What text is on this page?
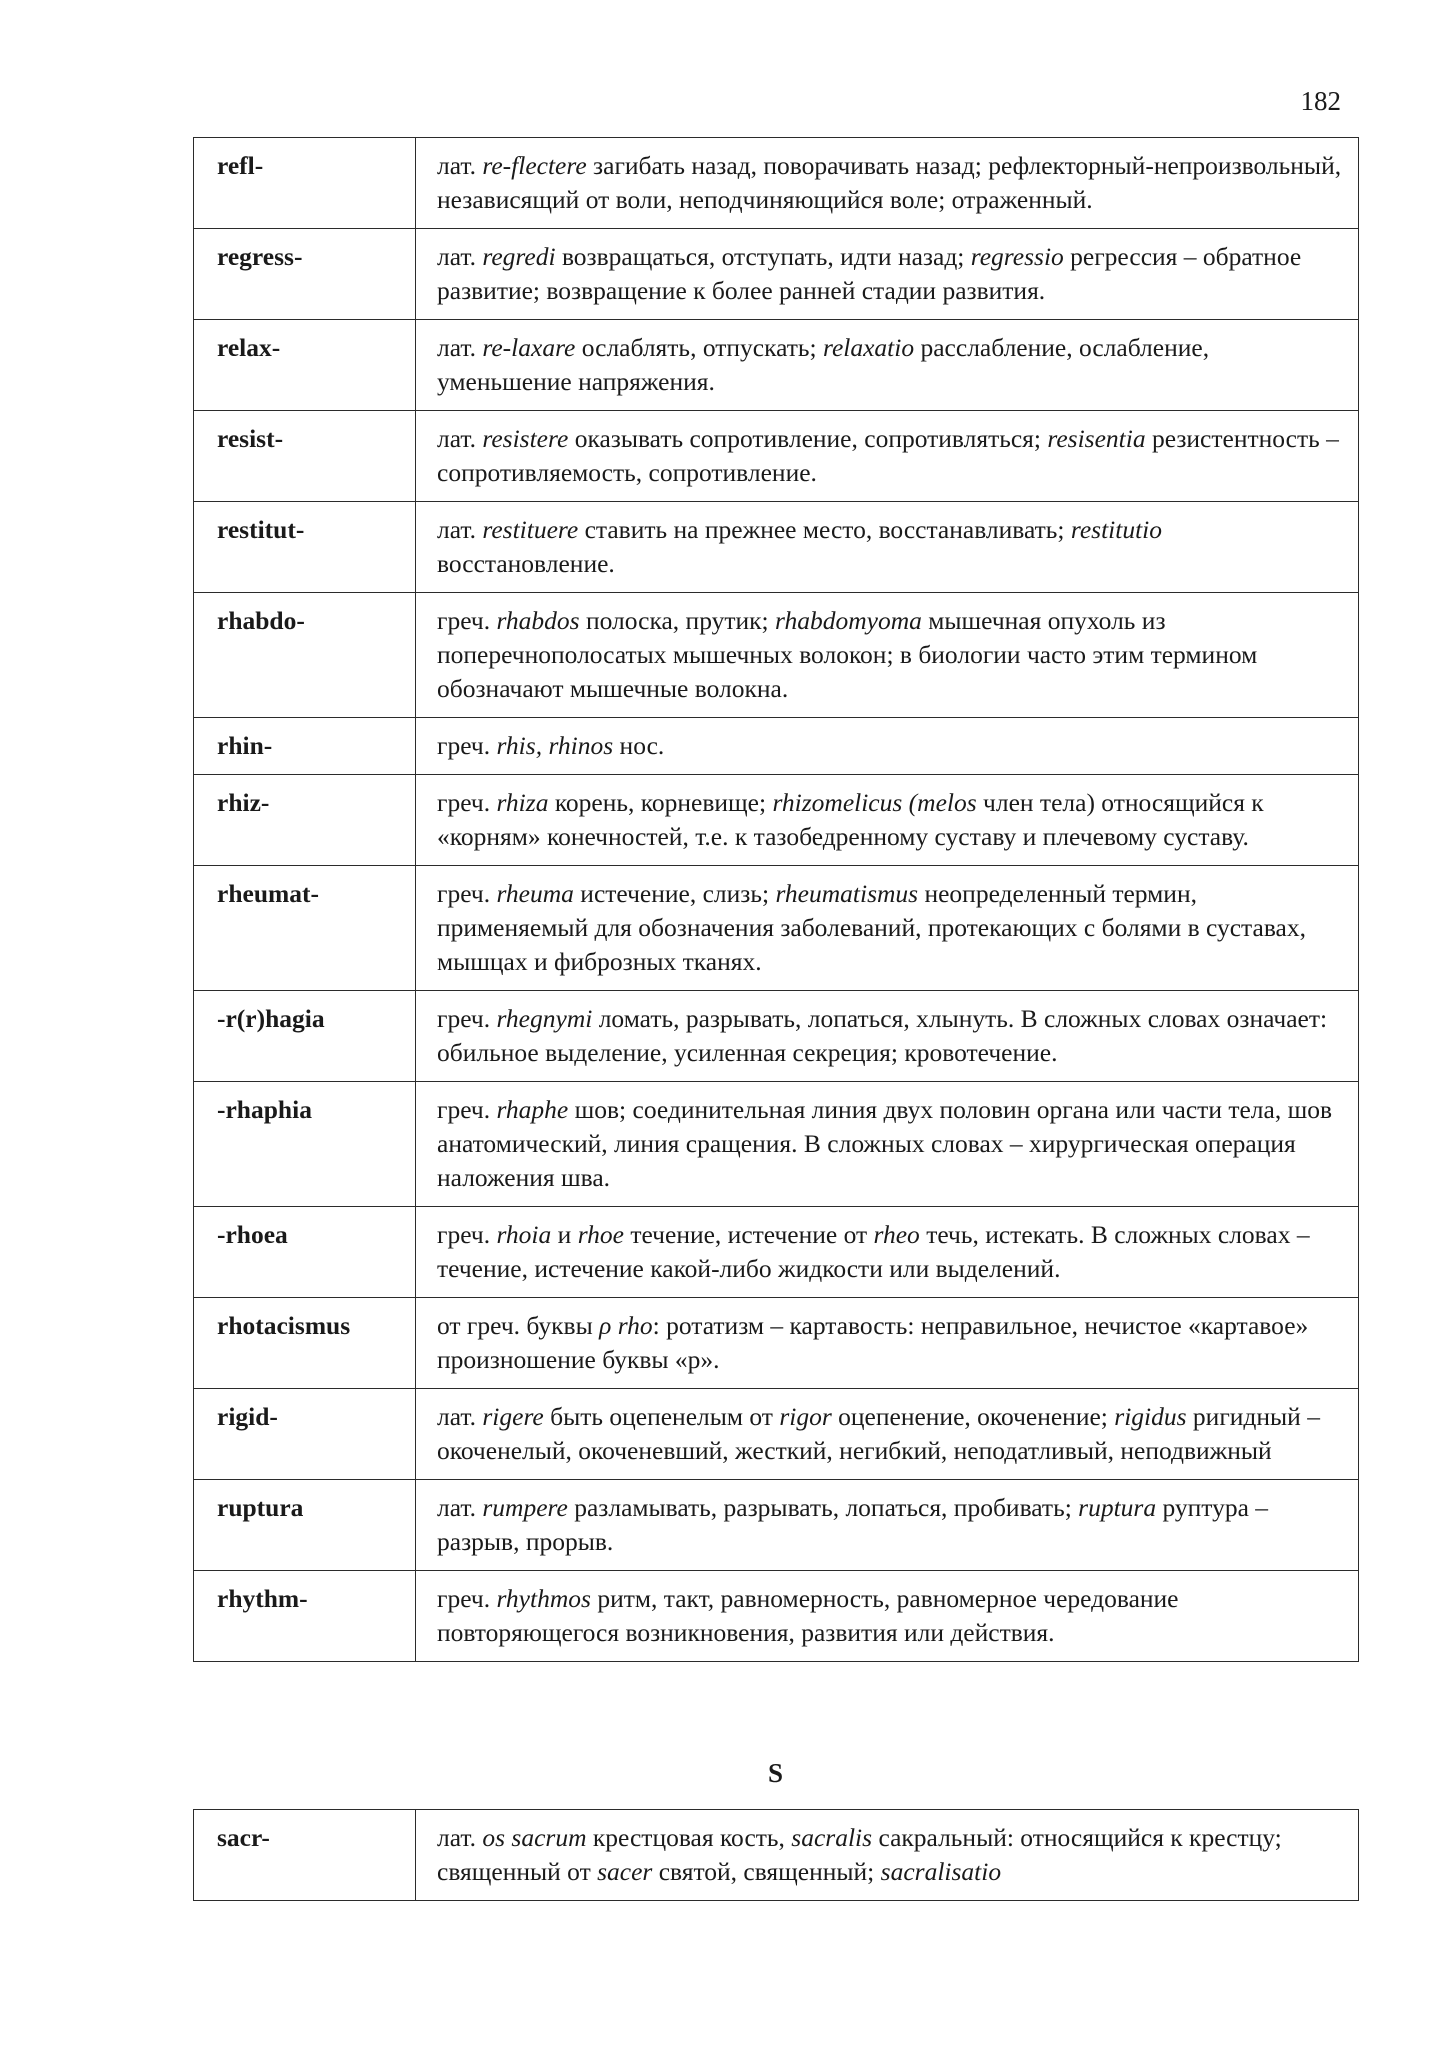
182
refl-	лат. re-flectere загибать назад, поворачивать назад; рефлекторный-непроизвольный, независящий от воли, неподчиняющийся воле; отраженный.
regress-	лат. regredi возвращаться, отступать, идти назад; regressio регрессия – обратное развитие; возвращение к более ранней стадии развития.
relax-	лат. re-laxare ослаблять, отпускать; relaxatio расслабление, ослабление, уменьшение напряжения.
resist-	лат. resistere оказывать сопротивление, сопротивляться; resisentia резистентность – сопротивляемость, сопротивление.
restitut-	лат. restituere ставить на прежнее место, восстанавливать; restitutio восстановление.
rhabdo-	греч. rhabdos полоска, прутик; rhabdomyoma мышечная опухоль из поперечнополосатых мышечных волокон; в биологии часто этим термином обозначают мышечные волокна.
rhin-	греч. rhis, rhinos нос.
rhiz-	греч. rhiza корень, корневище; rhizomelicus (melos член тела) относящийся к «корням» конечностей, т.е. к тазобедренному суставу и плечевому суставу.
rheumat-	греч. rheuma истечение, слизь; rheumatismus неопределенный термин, применяемый для обозначения заболеваний, протекающих с болями в суставах, мышцах и фиброзных тканях.
-r(r)hagia	греч. rhegnymi ломать, разрывать, лопаться, хлынуть. В сложных словах означает: обильное выделение, усиленная секреция; кровотечение.
-rhaphia	греч. rhaphe шов; соединительная линия двух половин органа или части тела, шов анатомический, линия сращения. В сложных словах – хирургическая операция наложения шва.
-rhoea	греч. rhoia и rhoe течение, истечение от rheo течь, истекать. В сложных словах – течение, истечение какой-либо жидкости или выделений.
rhotacismus	от греч. буквы ρ rho: ротатизм – картавость: неправильное, нечистое «картавое» произношение буквы «р».
rigid-	лат. rigere быть оцепенелым от rigor оцепенение, окоченение; rigidus ригидный – окоченелый, окоченевший, жесткий, негибкий, неподатливый, неподвижный
ruptura	лат. rumpere разламывать, разрывать, лопаться, пробивать; ruptura руптура – разрыв, прорыв.
rhythm-	греч. rhythmos ритм, такт, равномерность, равномерное чередование повторяющегося возникновения, развития или действия.
S
sacr-	лат. os sacrum крестцовая кость, sacralis сакральный: относящийся к крестцу; священный от sacer святой, священный; sacralisatio
